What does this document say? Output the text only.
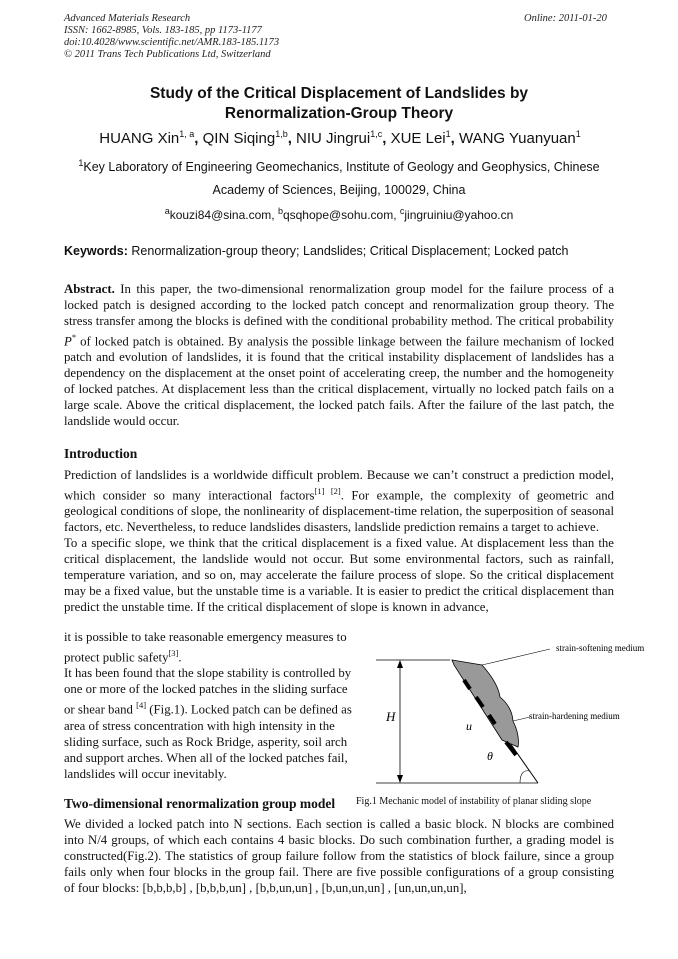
Advanced Materials Research
ISSN: 1662-8985, Vols. 183-185, pp 1173-1177
doi:10.4028/www.scientific.net/AMR.183-185.1173
© 2011 Trans Tech Publications Ltd, Switzerland
Online: 2011-01-20
Study of the Critical Displacement of Landslides by
Renormalization-Group Theory
HUANG Xin$^{1, a}$, QIN Siqing$^{1,b}$, NIU Jingrui$^{1,c}$, XUE Lei$^1$, WANG Yuanyuan$^1$
$^1$Key Laboratory of Engineering Geomechanics, Institute of Geology and Geophysics, Chinese
Academy of Sciences, Beijing, 100029, China
$^a$kouzi84@sina.com, $^b$qsqhope@sohu.com, $^c$jingruiniu@yahoo.cn
Keywords: Renormalization-group theory; Landslides; Critical Displacement; Locked patch
Abstract. In this paper, the two-dimensional renormalization group model for the failure process of a locked patch is designed according to the locked patch concept and renormalization group theory. The stress transfer among the blocks is defined with the conditional probability method. The critical probability P* of locked patch is obtained. By analysis the possible linkage between the failure mechanism of locked patch and evolution of landslides, it is found that the critical instability displacement of landslides has a dependency on the displacement at the onset point of accelerating creep, the number and the homogeneity of locked patches. At displacement less than the critical displacement, virtually no locked patch fails on a large scale. Above the critical displacement, the locked patch fails. After the failure of the last patch, the landslide would occur.
Introduction
Prediction of landslides is a worldwide difficult problem. Because we can’t construct a prediction model, which consider so many interactional factors[1] [2]. For example, the complexity of geometric and geological conditions of slope, the nonlinearity of displacement-time relation, the superposition of seasonal factors, etc. Nevertheless, to reduce landslides disasters, landslide prediction remains a target to achieve.
To a specific slope, we think that the critical displacement is a fixed value. At displacement less than the critical displacement, the landslide would not occur. But some environmental factors, such as rainfall, temperature variation, and so on, may accelerate the failure process of slope. So the critical displacement may be a fixed value, but the unstable time is a variable. It is easier to predict the critical displacement than predict the unstable time. If the critical displacement of slope is known in advance,
it is possible to take reasonable emergency measures to
protect public safety[3].
It has been found that the slope stability is controlled by
one or more of the locked patches in the sliding surface
or shear band [4] (Fig.1). Locked patch can be defined as
area of stress concentration with high intensity in the
sliding surface, such as Rock Bridge, asperity, soil arch
and support arches. When all of the locked patches fail,
landslides will occur inevitably.
H
strain-softening medium
strain-hardening medium
u
θ
Two-dimensional renormalization group model Fig.1 Mechanic model of instability of planar sliding slope
We divided a locked patch into N sections. Each section is called a basic block. N blocks are combined into N/4 groups, of which each contains 4 basic blocks. Do such combination further, a grading model is constructed(Fig.2). The statistics of group failure follow from the statistics of block failure, since a group fails only when four blocks in the group fail. There are five possible configurations of a group consisting of four blocks: [b,b,b,b] , [b,b,b,un] , [b,b,un,un] , [b,un,un,un] , [un,un,un,un],
